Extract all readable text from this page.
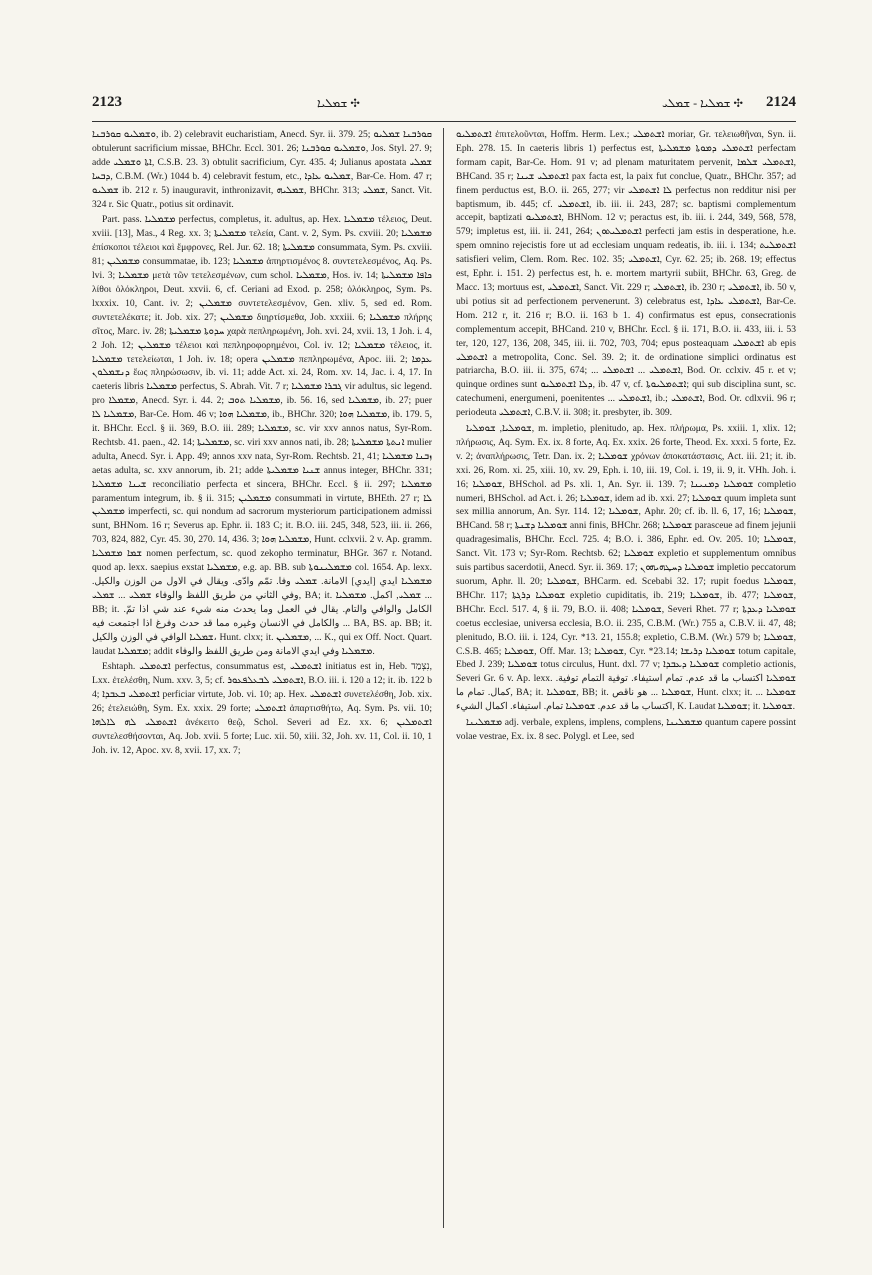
2123	✣ ܫܡܠܝܐ	✣ ܫܡܠܝܐ - ܫܡܠܝ 2124

ܘܫܡܠܝܘ ܩܘܪܒܢܐ, ib. 2) celebravit eucharistiam, Anecd. Syr. ii. 379. 25; ܩܘܪܒܢܐ ܫܡܠܝܘ obtulerunt sacrificium missae, BHChr. Eccl. 301. 26; ܘܫܡܠܝܘ ܩܘܪܒܢܐ, Jos. Styl. 27. 9; adde ܐܬܐ ܘܫܡܠܝ, C.S.B. 23. 3) obtulit sacrificium, Cyr. 435. 4; Julianus apostata ܫܡܠܝ ܕܒܚܐ, C.B.M. (Wr.) 1044 b. 4) celebravit festum, etc., ܫܡܠܝܘ ܥܐܕܐ, Bar-Ce. Hom. 47 r; ܫܡܠܝܘ ib. 212 r. 5) inauguravit, inthronizavit, ܫܡܠܝܗ, BHChr. 313; ܫܡܠܝ, Sanct. Vit. 324 r. Sic Quatr., potius sit ordinavit.

Part. pass. ܡܫܡܠܝܐ perfectus, completus, it. adultus, ap. Hex. ܡܫܡܠܝܐ τέλειος, Deut. xviii. [13], Mas., 4 Reg. xx. 3; ܡܫܡܠܝܬܐ τελεία, Cant. v. 2, Sym. Ps. cxviii. 20; ܡܫܡܠܝܐ ἐπίσκοποι τέλειοι καὶ ἔμφρονες, Rel. Jur. 62. 18; ܡܫܡܠܝܬܐ consummata, Sym. Ps. cxviii. 81; ܡܫܡܠܝܢ consummatae, ib. 123; ܡܫܡܠܝܐ ἀπηρτισμένος 8. συντετελεσμένος, Aq. Ps. lvi. 3; ܡܫܡܠܝܐ μετὰ τῶν τετελεσμένων, cum schol. ܡܫܡܠܝܐ, Hos. iv. 14; ܟܐܦܐ ܡܫܡܠܝܬܐ λίθοι ὁλόκληροι, Deut. xxvii. 6, cf. Ceriani ad Exod. p. 258; ὁλόκληρος, Sym. Ps. lxxxix. 10, Cant. iv. 2; ܡܫܡܠܝܢ συντετελεσμένον, Gen. xliv. 5, sed ed. Rom. συντετελέκατε; it. Job. xix. 27; ܡܫܡܠܝܢ διηρτίσμεθα, Job. xxxiii. 6; ܡܫܡܠܝܐ πλήρης σῖτος, Marc. iv. 28; ܚܕܘܬܐ ܡܫܡܠܝܬܐ χαρὰ πεπληρωμένη, Joh. xvi. 24, xvii. 13, 1 Joh. i. 4, 2 Joh. 12; ܡܫܡܠܝܢ τέλειοι καὶ πεπληροφορημένοι, Col. iv. 12; ܡܫܡܠܝܐ τέλειος, it. ܡܫܡܠܝܐ τετελείωται, 1 Joh. iv. 18; opera ܡܫܡܠܝܢ πεπληρωμένα, Apoc. iii. 2; ܥܕܡܐ ܕܢܫܡܠܘܢ ἕως πληρώσωσιν, ib. vi. 11; adde Act. xi. 24, Rom. xv. 14, Jac. i. 4, 17. In caeteris libris ܡܫܡܠܝܐ perfectus, S. Abrah. Vit. 7 r; ܓܒܪܐ ܡܫܡܠܝܐ vir adultus, sic legend. pro ܡܫܡܠܐ, Anecd. Syr. i. 44. 2; ܡܫܡܠܝܐ ܬܘܒ, ib. 56. 16, sed ܡܫܡܠܝܐ, ib. 27; puer ܡܫܡܠܝܐ ܠܐ, Bar-Ce. Hom. 46 v; ܡܫܡܠܝܐ ܗܘܐ, ib., BHChr. 320; ܡܫܡܠܝܐ ܗܘܐ, ib. 179. 5, it. BHChr. Eccl. § ii. 369, B.O. iii. 289; ܡܫܡܠܝܐ, sc. vir xxv annos natus, Syr-Rom. Rechtsb. 41. paen., 42. 14; ܡܫܡܠܝܬܐ, sc. viri xxv annos nati, ib. 28; ܐܢܬܬܐ ܡܫܡܠܝܬܐ mulier adulta, Anecd. Syr. i. App. 49; annos xxv nata, Syr-Rom. Rechtsb. 21, 41; ܙܒܢܐ ܡܫܡܠܝܐ aetas adulta, sc. xxv annorum, ib. 21; adde ܫܢܝܐ ܡܫܡܠܝܬܐ annus integer, BHChr. 331; ܫܝܢܐ ܡܫܡܠܝܐ reconciliatio perfecta et sincera, BHChr. Eccl. § ii. 297; ܡܫܡܠܝܐ paramentum integrum, ib. § ii. 315; ܡܫܡܠܝܢ consummati in virtute, BHEth. 27 r; ܠܐ ܡܫܡܠܝܢ imperfecti, sc. qui nondum ad sacrorum mysteriorum participationem admissi sunt, BHNom. 16 r; Severus ap. Ephr. ii. 183 C; it. B.O. iii. 245, 348, 523, iii. ii. 266, 703, 824, 882, Cyr. 45. 30, 270. 14, 436. 3; ܡܫܡܠܝܐ ܗܘܐ, Hunt. cclxvii. 2 v. Ap. gramm. ܫܡܐ ܡܫܡܠܝܐ nomen perfectum, sc. quod zekopho terminatur, BHGr. 367 r. Notand. quod ap. lexx. saepius exstat ܡܫܡܠܝܐ, e.g. ap. BB. sub ܡܫܡܠܝܢܘܬܐ col. 1654. Ap. lexx. ܡܫܡܠܝܐ ايدي [ايدي] الامانة. ܫܡܠܝ وفا. تمّم وادّى. ويقال في الاول من الوزن والكيل. وفي الثاني من طريق اللفظ والوفاء ܫܡܠܝ ... ܫܡܠܝ, BA; it. ܫܡܠܝ, اكمل. ܡܫܡܠܝܐ ... BB; it. الكامل والوافي والتام. يقال في العمل وما يحدث منه شيء عند شي اذا تمّ. والكامل في الانسان وغيره مما قد حدث وفرغ اذا اجتمعت فيه ... BA, BS. ap. BB; it. ܫܡܠܝܐ الوافي في الوزن والكيل، Hunt. clxx; it. ܡܫܡܠܝܢ, ... K., qui ex Off. Noct. Quart. laudat ܡܫܡܠܝܐ; addit ܡܫܡܠܝܐ وفي ايدي الامانة ومن طريق اللفظ والوفاء.

Eshtaph. ܐܫܬܡܠܝ perfectus, consummatus est, ܐܫܬܡܠܝ initiatus est in, Heb. נִצְמַד, Lxx. ἐτελέσθη, Num. xxv. 3, 5; cf. ܐܫܬܡܠܝ ܠܒܥܠܦܥܘܪ, B.O. iii. i. 120 a 12; it. ib. 122 b 4; ܐܫܬܡܠܝ ܒܥܒܕܐ perficiar virtute, Job. vi. 10; ap. Hex. ܐܫܬܡܠܝ συνετελέσθη, Job. xix. 26; ἐτελειώθη, Sym. Ex. xxix. 29 forte; ܐܫܬܡܠܝ ἀπαρτισθήτω, Aq. Sym. Ps. vii. 10; ܐܫܬܡܠܝ ܠܗ ܠܐܠܗܐ ἀνέκειτο θεῷ, Schol. Severi ad Ez. xx. 6; ܐܫܬܡܠܝܢ συντελεσθήσονται, Aq. Job. xvii. 5 forte; Luc. xii. 50, xiii. 32, Joh. xv. 11, Col. ii. 10, 1 Joh. iv. 12, Apoc. xv. 8, xvii. 17, xx. 7;

ܐܫܬܡܠܝܘ ἐπιτελοῦνται, Hoffm. Herm. Lex.; ܐܫܬܡܠܝ moriar, Gr. τελειωθῆναι, Syn. ii. Eph. 278. 15. In caeteris libris 1) perfectus est, ܐܫܬܡܠܝ ܕܡܘܬܐ ܡܫܡܠܝܬܐ perfectam formam capit, Bar-Ce. Hom. 91 v; ad plenam maturitatem pervenit, ܐܫܬܡܠܝ ܫܠܡܐ, BHCand. 35 r; ܐܫܬܡܠܝ ܫܝܢܐ pax facta est, la paix fut conclue, Quatr., BHChr. 357; ad finem perductus est, B.O. ii. 265, 277; vir ܠܐ ܐܫܬܡܠܝ perfectus non redditur nisi per baptismum, ib. 445; cf. ܐܫܬܡܠܝ, ib. iii. ii. 243, 287; sc. baptismi complementum accepit, baptizati ܐܫܬܡܠܝܘ, BHNom. 12 v; peractus est, ib. iii. i. 244, 349, 568, 578, 579; impletus est, iii. ii. 241, 264; ܐܫܬܡܠܝܬܘܢ perfecti jam estis in desperatione, h.e. spem omnino rejecistis fore ut ad ecclesiam unquam redeatis, ib. iii. i. 134; ܐܫܬܡܠܝܬ satisfieri velim, Clem. Rom. Rec. 102. 35; ܐܫܬܡܠܝ, Cyr. 62. 25; ib. 268. 19; effectus est, Ephr. i. 151. 2) perfectus est, h. e. mortem martyrii subiit, BHChr. 63, Greg. de Macc. 13; mortuus est, ܐܫܬܡܠܝ, Sanct. Vit. 229 r; ܐܫܬܡܠܝ, ib. 230 r; ܐܫܬܡܠܝ, ib. 50 v, ubi potius sit ad perfectionem pervenerunt. 3) celebratus est, ܐܫܬܡܠܝ ܥܐܕܐ, Bar-Ce. Hom. 212 r, it. 216 r; B.O. ii. 163 b 1. 4) confirmatus est epus, consecrationis complementum accepit, BHCand. 210 v, BHChr. Eccl. § ii. 171, B.O. ii. 433, iii. i. 53 ter, 120, 127, 136, 208, 345, iii. ii. 702, 703, 704; epus posteaquam ܐܫܬܡܠܝ ab epis ܐܫܬܡܠܝ a metropolita, Conc. Sel. 39. 2; it. de ordinatione simplici ordinatus est patriarcha, B.O. iii. ii. 375, 674; ... ܐܫܬܡܠܝ ... ܐܫܬܡܠܝ, Bod. Or. cclxiv. 45 r. et v; quinque ordines sunt ܕܠܐ ܐܫܬܡܠܝܘ, ib. 47 v, cf. ܐܫܬܡܠܝܘܬܐ; qui sub disciplina sunt, sc. catechumeni, energumeni, poenitentes ... ܐܫܬܡܠܝ, ib.; ܐܫܬܡܠܝ, Bod. Or. cdlxvii. 96 r; periodeuta ܐܫܬܡܠܝ, C.B.V. ii. 308; it. presbyter, ib. 309.

ܫܘܡܠܝܐ, ܫܘܡܠܝܐ, m. impletio, plenitudo, ap. Hex. πλήρωμα, Ps. xxiii. 1, xlix. 12; πλήρωσις, Aq. Sym. Ex. ix. 8 forte, Aq. Ex. xxix. 26 forte, Theod. Ex. xxxi. 5 forte, Ez. v. 2; ἀναπλήρωσις, Tetr. Dan. ix. 2; ܫܘܡܠܝܐ χρόνων ἀποκατάστασις, Act. iii. 21; it. ib. xxi. 26, Rom. xi. 25, xiii. 10, xv. 29, Eph. i. 10, iii. 19, Col. i. 19, ii. 9, it. VHh. Joh. i. 16; ܫܘܡܠܝܐ, BHSchol. ad Ps. xli. 1, An. Syr. ii. 139. 7; ܫܘܡܠܝܐ ܕܡܢܝܢܐ completio numeri, BHSchol. ad Act. i. 26; ܫܘܡܠܝܐ, idem ad ib. xxi. 27; ܫܘܡܠܝܐ quum impleta sunt sex millia annorum, An. Syr. 114. 12; ܫܘܡܠܝܐ, Aphr. 20; cf. ib. ll. 6, 17, 16; ܫܘܡܠܝܐ, BHCand. 58 r; ܫܘܡܠܝܐ ܕܫܢܬܐ anni finis, BHChr. 268; ܫܘܡܠܝܐ parasceue ad finem jejunii quadragesimalis, BHChr. Eccl. 725. 4; B.O. i. 386, Ephr. ed. Ov. 205. 10; ܫܘܡܠܝܐ, Sanct. Vit. 173 v; Syr-Rom. Rechtsb. 62; ܫܘܡܠܝܐ expletio et supplementum omnibus suis partibus sacerdotii, Anecd. Syr. ii. 369. 17; ܫܘܡܠܝܐ ܕܚܛܗܝܗܘܢ impletio peccatorum suorum, Aphr. ll. 20; ܫܘܡܠܝܐ, BHCarm. ed. Scebabi 32. 17; rupit foedus ܫܘܡܠܝܐ, BHChr. 117; ܫܘܡܠܝܐ ܕܪܓܬܐ expletio cupiditatis, ib. 219; ܫܘܡܠܝܐ, ib. 477; ܫܘܡܠܝܐ, BHChr. Eccl. 517. 4, § ii. 79, B.O. ii. 408; ܫܘܡܠܝܐ, Severi Rhet. 77 r; ܫܘܡܠܝܐ ܕܥܕܬܐ coetus ecclesiae, universa ecclesia, B.O. ii. 235, C.B.M. (Wr.) 755 a, C.B.V. ii. 47, 48; plenitudo, B.O. iii. i. 124, Cyr. *13. 21, 155.8; expletio, C.B.M. (Wr.) 579 b; ܫܘܡܠܝܐ, C.S.B. 465; ܫܘܡܠܝܐ, Off. Mar. 13; ܫܘܡܠܝܐ, Cyr. *23.14; ܫܘܡܠܝܐ ܕܪܝܫܐ totum capitale, Ebed J. 239; ܫܘܡܠܝܐ totus circulus, Hunt. dxl. 77 v; ܫܘܡܠܝܐ ܕܥܒܕܐ completio actionis, Severi Gr. 6 v. Ap. lexx. ܫܘܡܠܝܐ اكتساب ما قد عدم. تمام استيفاء. توفية التمام توفية. كمال. تمام ما, BA; it. ܫܘܡܠܝܐ, BB; it. ܫܘܡܠܝܐ ... هو ناقص, Hunt. clxx; it. ܫܘܡܠܝܐ ... اكتساب ما قد عدم. ܫܘܡܠܝܐ تمام. استيفاء. اكمال الشيء, K. Laudat ܫܘܡܠܝܐ; it. ܫܘܡܠܝܐ.

ܡܫܡܠܝܢܐ adj. verbale, explens, implens, complens, ܡܫܡܠܝܢܐ quantum capere possint volae vestrae, Ex. ix. 8 sec. Polygl. et Lee, sed
